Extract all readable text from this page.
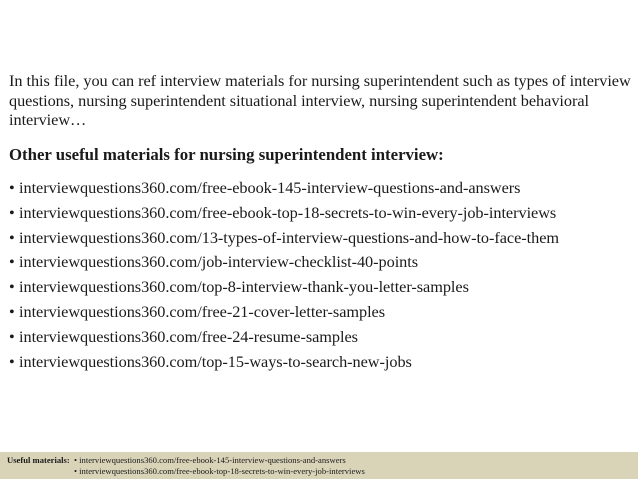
In this file, you can ref interview materials for nursing superintendent such as types of interview questions, nursing superintendent situational interview, nursing superintendent behavioral interview…

Other useful materials for nursing superintendent interview:

• interviewquestions360.com/free-ebook-145-interview-questions-and-answers
• interviewquestions360.com/free-ebook-top-18-secrets-to-win-every-job-interviews
• interviewquestions360.com/13-types-of-interview-questions-and-how-to-face-them
• interviewquestions360.com/job-interview-checklist-40-points
• interviewquestions360.com/top-8-interview-thank-you-letter-samples
• interviewquestions360.com/free-21-cover-letter-samples
• interviewquestions360.com/free-24-resume-samples
• interviewquestions360.com/top-15-ways-to-search-new-jobs
Useful materials: • interviewquestions360.com/free-ebook-145-interview-questions-and-answers
• interviewquestions360.com/free-ebook-top-18-secrets-to-win-every-job-interviews
